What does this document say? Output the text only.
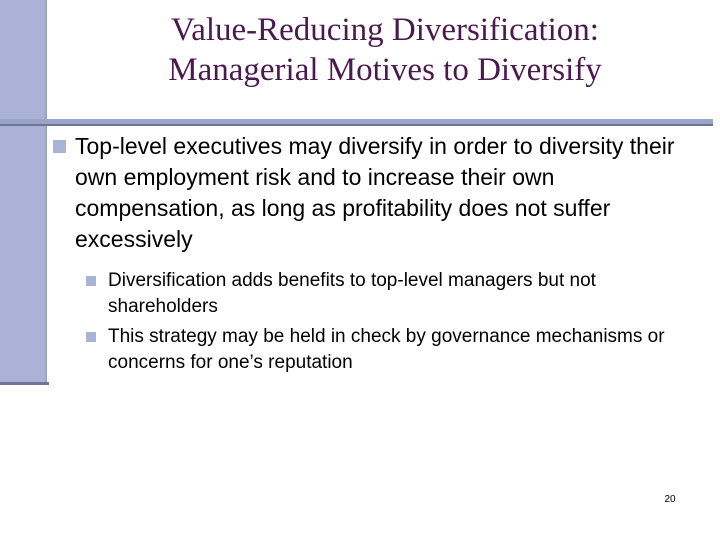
Value-Reducing Diversification:
Managerial Motives to Diversify
Top-level executives may diversify in order to diversity their own employment risk and to increase their own compensation, as long as profitability does not suffer excessively
Diversification adds benefits to top-level managers but not shareholders
This strategy may be held in check by governance mechanisms or concerns for one’s reputation
20
